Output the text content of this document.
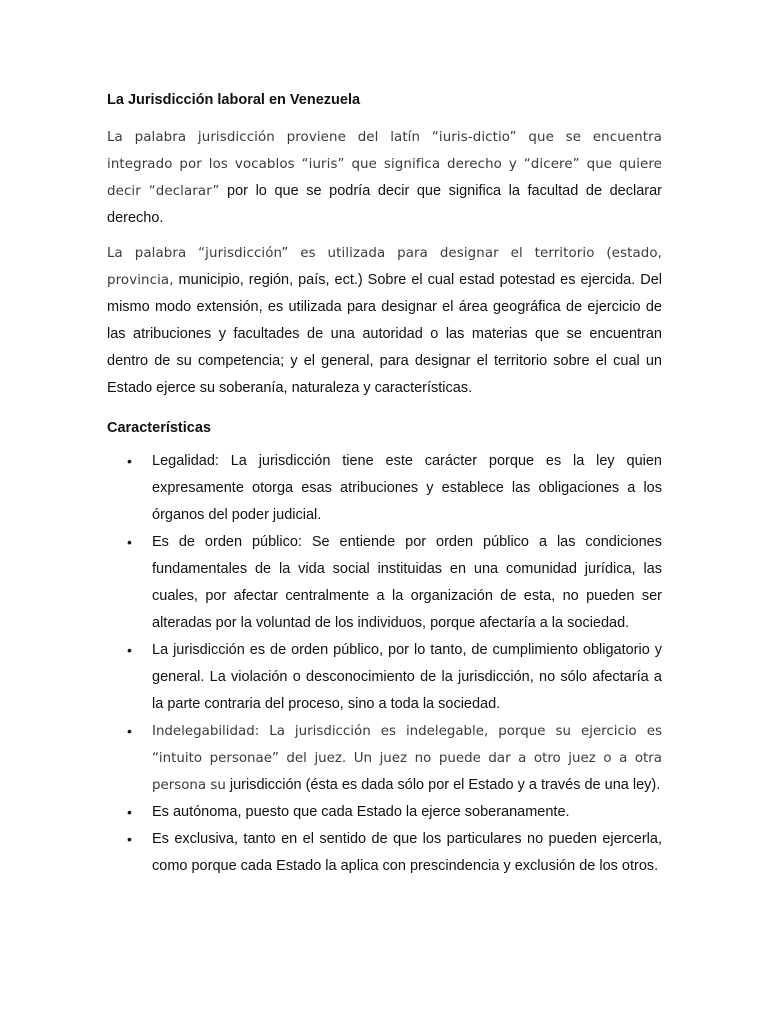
La Jurisdicción laboral en Venezuela

La palabra jurisdicción proviene del latín “iuris-dictio” que se encuentra integrado por los vocablos “iuris” que significa derecho y “dicere” que quiere decir “declarar” por lo que se podría decir que significa la facultad de declarar derecho.

La palabra “jurisdicción” es utilizada para designar el territorio (estado, provincia, municipio, región, país, ect.) Sobre el cual estad potestad es ejercida. Del mismo modo extensión, es utilizada para designar el área geográfica de ejercicio de las atribuciones y facultades de una autoridad o las materias que se encuentran dentro de su competencia; y el general, para designar el territorio sobre el cual un Estado ejerce su soberanía, naturaleza y características.

Características
• Legalidad: La jurisdicción tiene este carácter porque es la ley quien expresamente otorga esas atribuciones y establece las obligaciones a los órganos del poder judicial.
• Es de orden público: Se entiende por orden público a las condiciones fundamentales de la vida social instituidas en una comunidad jurídica, las cuales, por afectar centralmente a la organización de esta, no pueden ser alteradas por la voluntad de los individuos, porque afectaría a la sociedad.
• La jurisdicción es de orden público, por lo tanto, de cumplimiento obligatorio y general. La violación o desconocimiento de la jurisdicción, no sólo afectaría a la parte contraria del proceso, sino a toda la sociedad.
• Indelegabilidad: La jurisdicción es indelegable, porque su ejercicio es “intuito personae” del juez. Un juez no puede dar a otro juez o a otra persona su jurisdicción (ésta es dada sólo por el Estado y a través de una ley).
• Es autónoma, puesto que cada Estado la ejerce soberanamente.
• Es exclusiva, tanto en el sentido de que los particulares no pueden ejercerla, como porque cada Estado la aplica con prescindencia y exclusión de los otros.
